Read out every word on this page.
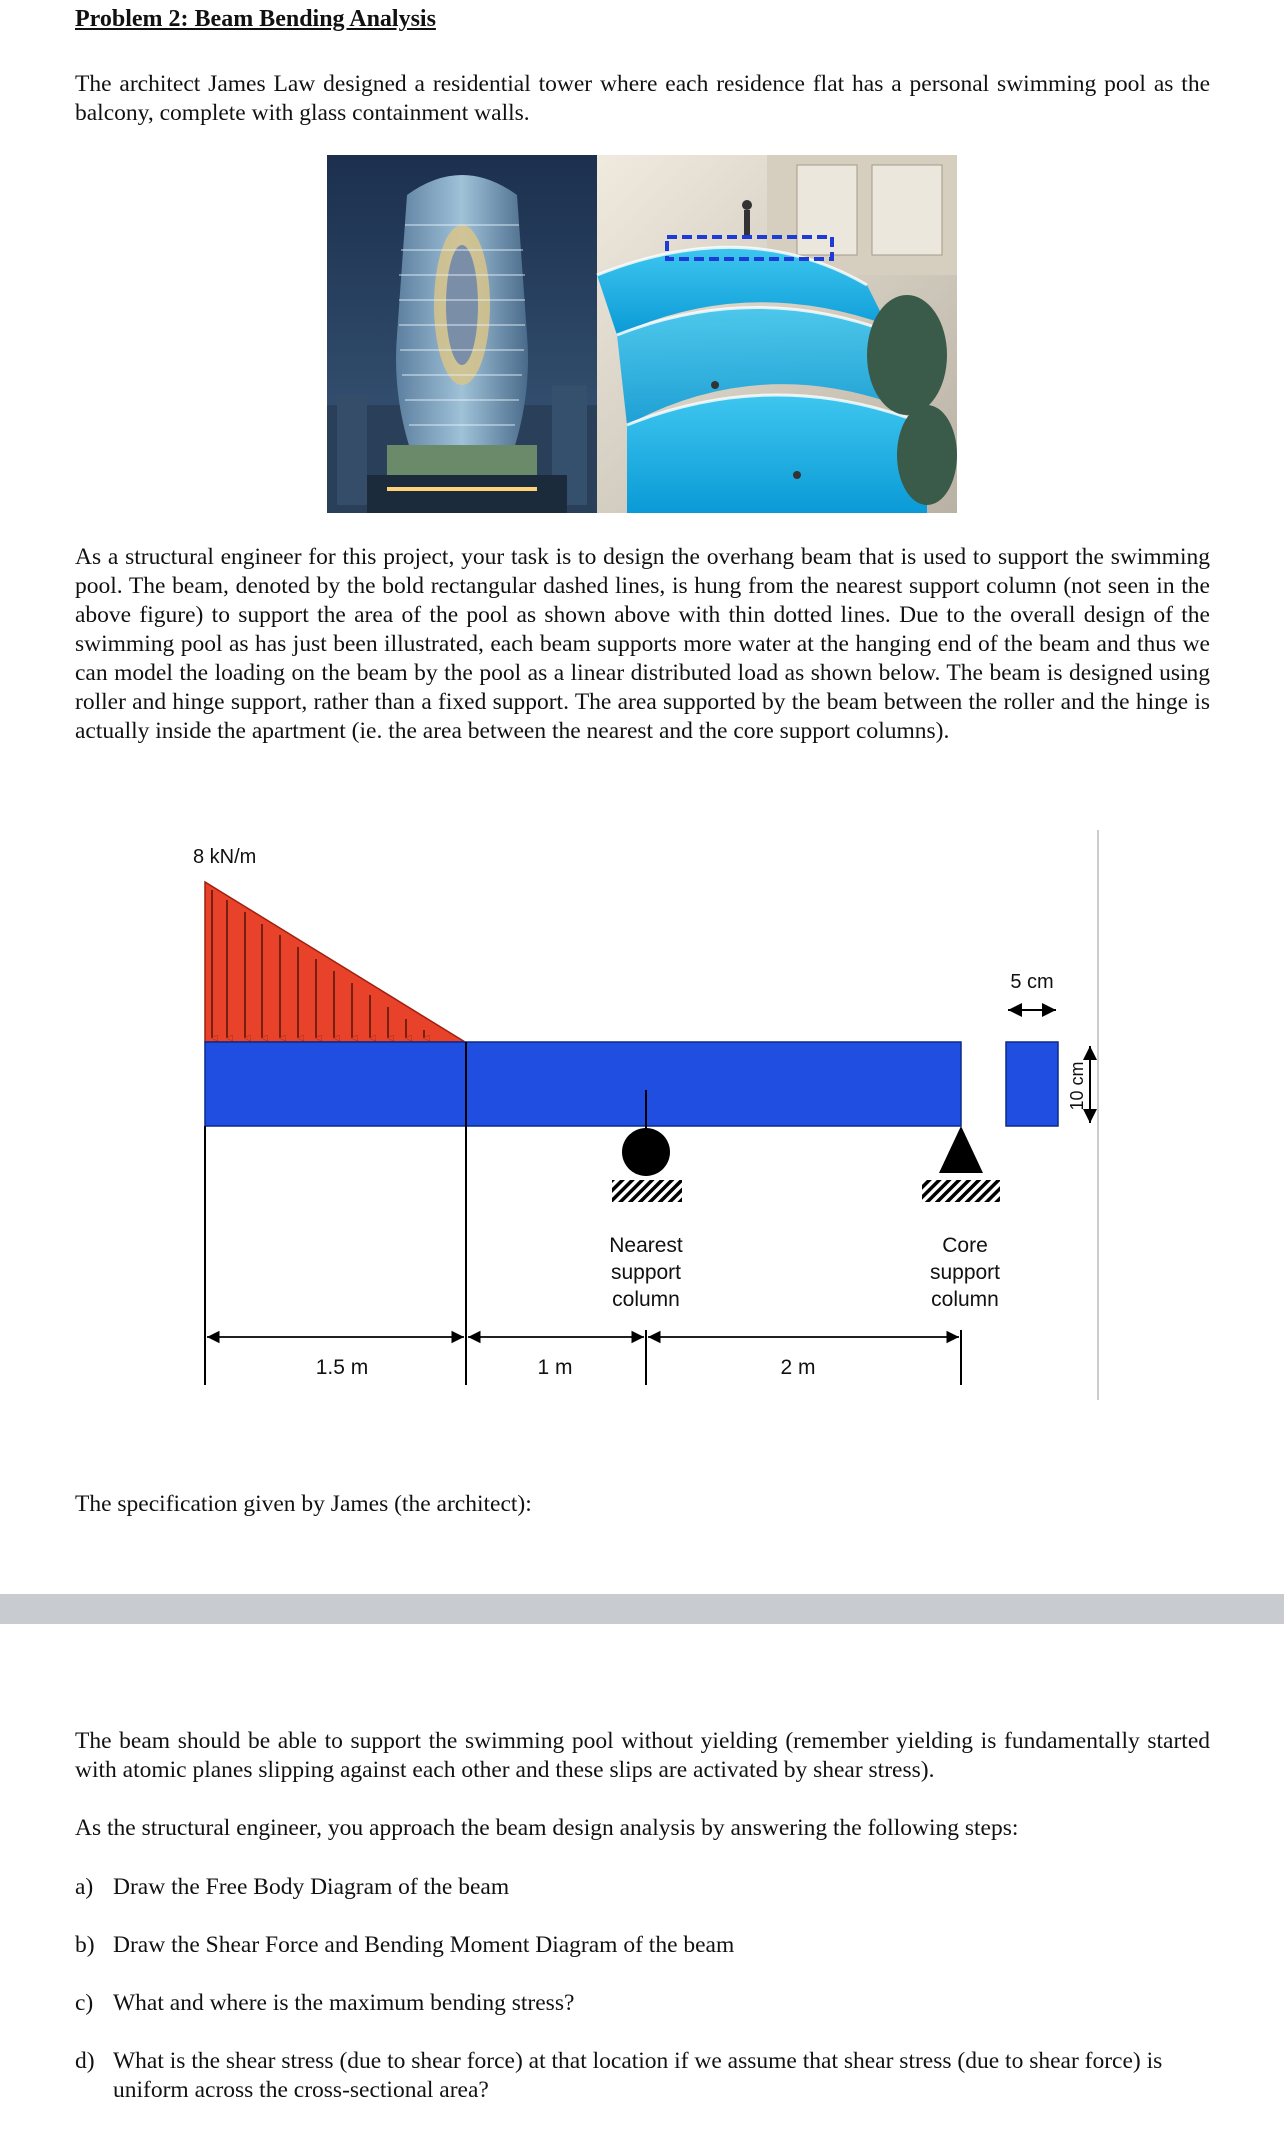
Problem 2: Beam Bending Analysis

The architect James Law designed a residential tower where each residence flat has a personal swimming pool as the balcony, complete with glass containment walls.

As a structural engineer for this project, your task is to design the overhang beam that is used to support the swimming pool. The beam, denoted by the bold rectangular dashed lines, is hung from the nearest support column (not seen in the above figure) to support the area of the pool as shown above with thin dotted lines. Due to the overall design of the swimming pool as has just been illustrated, each beam supports more water at the hanging end of the beam and thus we can model the loading on the beam by the pool as a linear distributed load as shown below. The beam is designed using roller and hinge support, rather than a fixed support. The area supported by the beam between the roller and the hinge is actually inside the apartment (ie. the area between the nearest and the core support columns).

8 kN/m
Nearest
support
column
Core
support
column
1.5 m	1 m	2 m
5 cm
10 cm

The specification given by James (the architect):

The beam should be able to support the swimming pool without yielding (remember yielding is fundamentally started with atomic planes slipping against each other and these slips are activated by shear stress).

As the structural engineer, you approach the beam design analysis by answering the following steps:

a) Draw the Free Body Diagram of the beam
b) Draw the Shear Force and Bending Moment Diagram of the beam
c) What and where is the maximum bending stress?
d) What is the shear stress (due to shear force) at that location if we assume that shear stress (due to shear force) is uniform across the cross-sectional area?
